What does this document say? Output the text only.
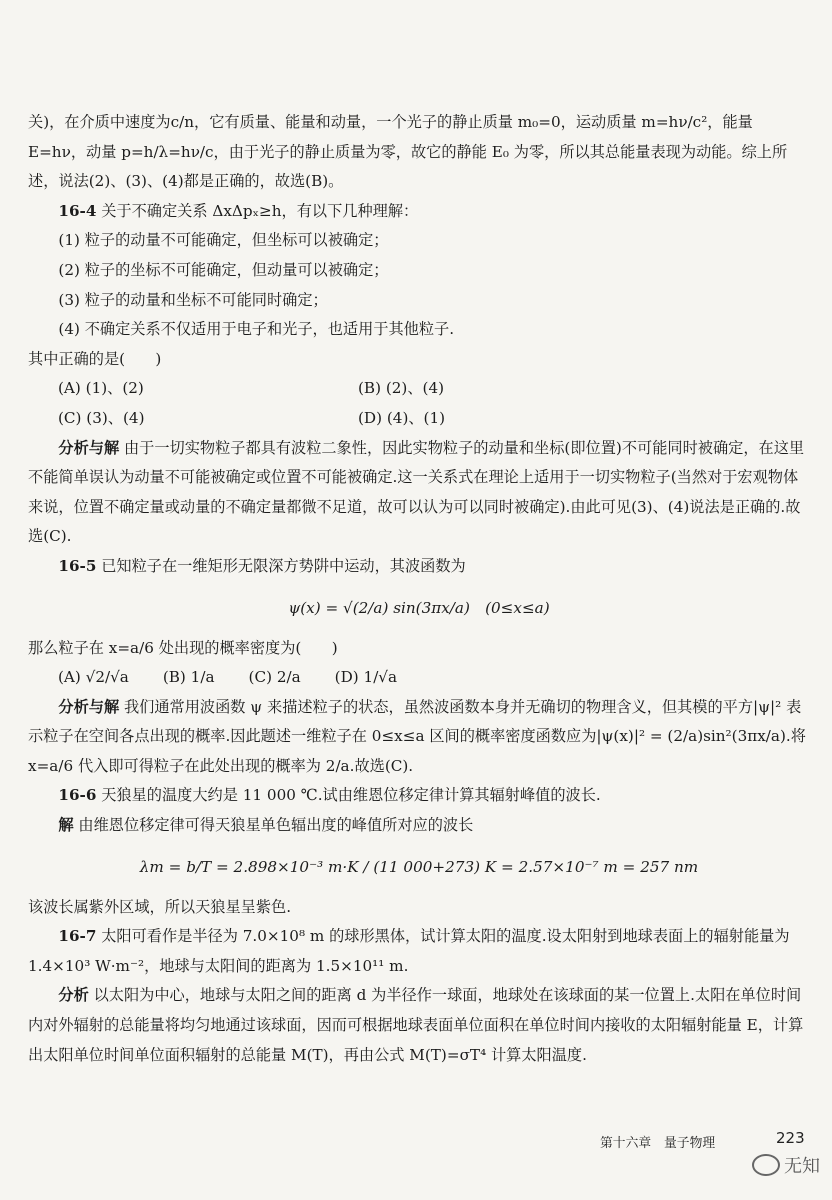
关)，在介质中速度为c/n，它有质量、能量和动量，一个光子的静止质量 m₀=0，运动质量 m=hν/c²，能量 E=hν，动量 p=h/λ=hν/c，由于光子的静止质量为零，故它的静能 E₀ 为零，所以其总能量表现为动能。综上所述，说法(2)、(3)、(4)都是正确的，故选(B)。

16-4 关于不确定关系 ΔxΔpₓ≥h，有以下几种理解：

(1) 粒子的动量不可能确定，但坐标可以被确定；

(2) 粒子的坐标不可能确定，但动量可以被确定；

(3) 粒子的动量和坐标不可能同时确定；

(4) 不确定关系不仅适用于电子和光子，也适用于其他粒子.

其中正确的是(　　)

(A) (1)、(2)	(B) (2)、(4)
(C) (3)、(4)	(D) (4)、(1)

分析与解 由于一切实物粒子都具有波粒二象性，因此实物粒子的动量和坐标(即位置)不可能同时被确定，在这里不能简单误认为动量不可能被确定或位置不可能被确定.这一关系式在理论上适用于一切实物粒子(当然对于宏观物体来说，位置不确定量或动量的不确定量都微不足道，故可以认为可以同时被确定).由此可见(3)、(4)说法是正确的.故选(C).

16-5 已知粒子在一维矩形无限深方势阱中运动，其波函数为

ψ(x) = √(2/a) sin(3πx/a)　(0≤x≤a)

那么粒子在 x=a/6 处出现的概率密度为(　　)

(A) √2/√a (B) 1/a (C) 2/a (D) 1/√a

分析与解 我们通常用波函数 ψ 来描述粒子的状态，虽然波函数本身并无确切的物理含义，但其模的平方|ψ|² 表示粒子在空间各点出现的概率.因此题述一维粒子在 0≤x≤a 区间的概率密度函数应为|ψ(x)|² = (2/a)sin²(3πx/a).将 x=a/6 代入即可得粒子在此处出现的概率为 2/a.故选(C).

16-6 天狼星的温度大约是 11 000 ℃.试由维恩位移定律计算其辐射峰值的波长.

解 由维恩位移定律可得天狼星单色辐出度的峰值所对应的波长

λm = b/T = 2.898×10⁻³ m·K / (11 000+273) K = 2.57×10⁻⁷ m = 257 nm

该波长属紫外区域，所以天狼星呈紫色.

16-7 太阳可看作是半径为 7.0×10⁸ m 的球形黑体，试计算太阳的温度.设太阳射到地球表面上的辐射能量为 1.4×10³ W·m⁻²，地球与太阳间的距离为 1.5×10¹¹ m.

分析 以太阳为中心，地球与太阳之间的距离 d 为半径作一球面，地球处在该球面的某一位置上.太阳在单位时间内对外辐射的总能量将均匀地通过该球面，因而可根据地球表面单位面积在单位时间内接收的太阳辐射能量 E，计算出太阳单位时间单位面积辐射的总能量 M(T)，再由公式 M(T)=σT⁴ 计算太阳温度.

第十六章　量子物理	223
无知
